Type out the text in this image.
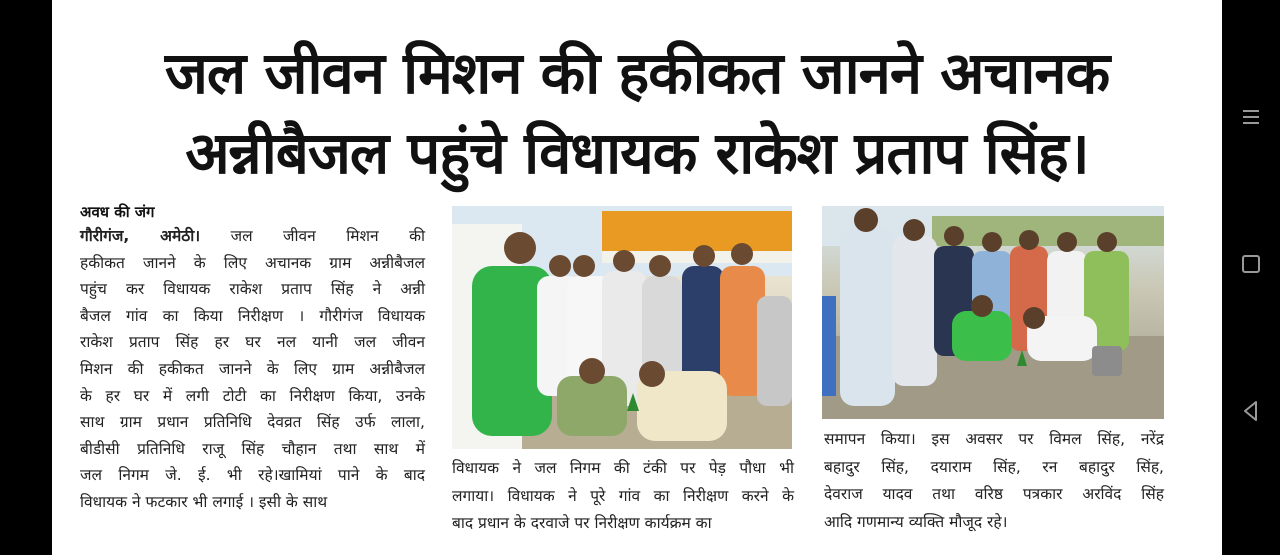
जल जीवन मिशन की हकीकत जानने अचानक
अन्नीबैजल पहुंचे विधायक राकेश प्रताप सिंह।
अवध की जंग

गौरीगंज, अमेठी। जल जीवन मिशन की

हकीकत जानने के लिए अचानक ग्राम अन्नीबैजल

पहुंच कर विधायक राकेश प्रताप सिंह ने अन्नी

बैजल गांव का किया निरीक्षण । गौरीगंज विधायक

राकेश प्रताप सिंह हर घर नल यानी जल जीवन

मिशन की हकीकत जानने के लिए ग्राम अन्नीबैजल

के हर घर में लगी टोटी का निरीक्षण किया, उनके

साथ ग्राम प्रधान प्रतिनिधि देवव्रत सिंह उर्फ लाला,

बीडीसी प्रतिनिधि राजू सिंह चौहान तथा साथ में

जल निगम जे. ई. भी रहे।खामियां पाने के बाद

विधायक ने फटकार भी लगाई । इसी के साथ

विधायक ने जल निगम की टंकी पर पेड़ पौधा भी

लगाया। विधायक ने पूरे गांव का निरीक्षण करने के

बाद प्रधान के दरवाजे पर निरीक्षण कार्यक्रम का

समापन किया। इस अवसर पर विमल सिंह, नरेंद्र

बहादुर सिंह, दयाराम सिंह, रन बहादुर सिंह,

देवराज यादव तथा वरिष्ठ पत्रकार अरविंद सिंह

आदि गणमान्य व्यक्ति मौजूद रहे।
